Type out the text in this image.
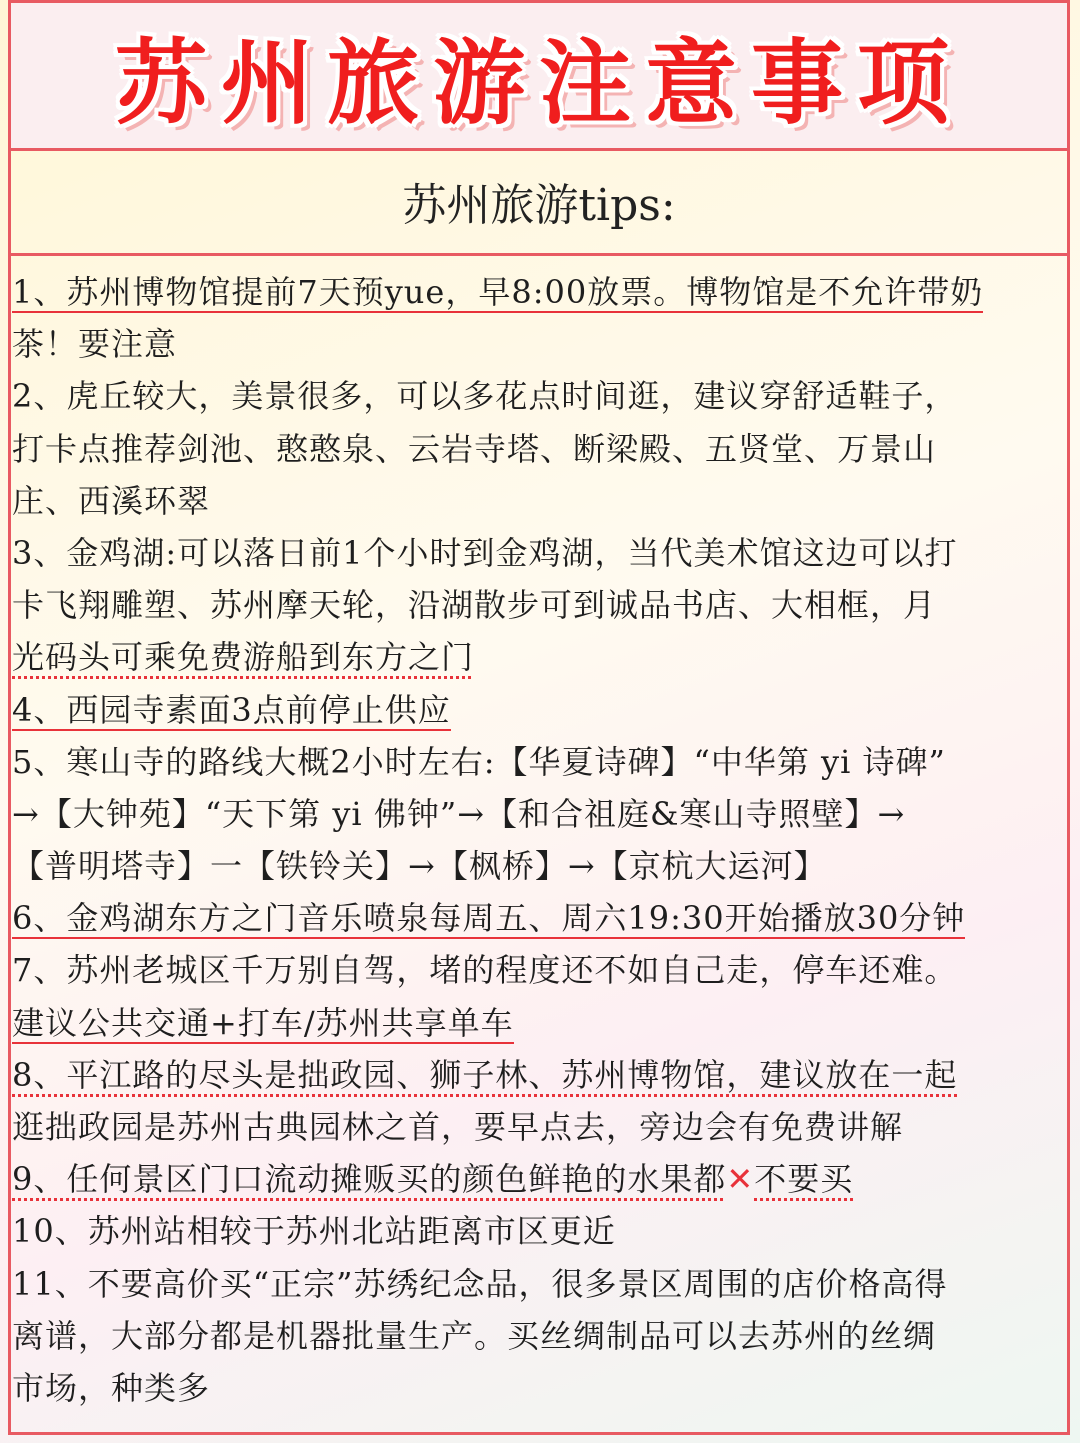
苏州旅游注意事项
苏州旅游tips:
1、苏州博物馆提前7天预yue，早8:00放票。博物馆是不允许带奶
茶！要注意
2、虎丘较大，美景很多，可以多花点时间逛，建议穿舒适鞋子，
打卡点推荐剑池、憨憨泉、云岩寺塔、断梁殿、五贤堂、万景山
庄、西溪环翠
3、金鸡湖:可以落日前1个小时到金鸡湖，当代美术馆这边可以打
卡飞翔雕塑、苏州摩天轮，沿湖散步可到诚品书店、大相框，月
光码头可乘免费游船到东方之门
4、西园寺素面3点前停止供应
5、寒山寺的路线大概2小时左右:【华夏诗碑】“中华第 yi 诗碑”
→【大钟苑】“天下第 yi 佛钟”→【和合祖庭&寒山寺照壁】→
【普明塔寺】一【铁铃关】→【枫桥】→【京杭大运河】
6、金鸡湖东方之门音乐喷泉每周五、周六19:30开始播放30分钟
7、苏州老城区千万别自驾，堵的程度还不如自己走，停车还难。
建议公共交通+打车/苏州共享单车
8、平江路的尽头是拙政园、狮子林、苏州博物馆，建议放在一起
逛拙政园是苏州古典园林之首，要早点去，旁边会有免费讲解
9、任何景区门口流动摊贩买的颜色鲜艳的水果都✕不要买
10、苏州站相较于苏州北站距离市区更近
11、不要高价买“正宗”苏绣纪念品，很多景区周围的店价格高得
离谱，大部分都是机器批量生产。买丝绸制品可以去苏州的丝绸
市场，种类多
